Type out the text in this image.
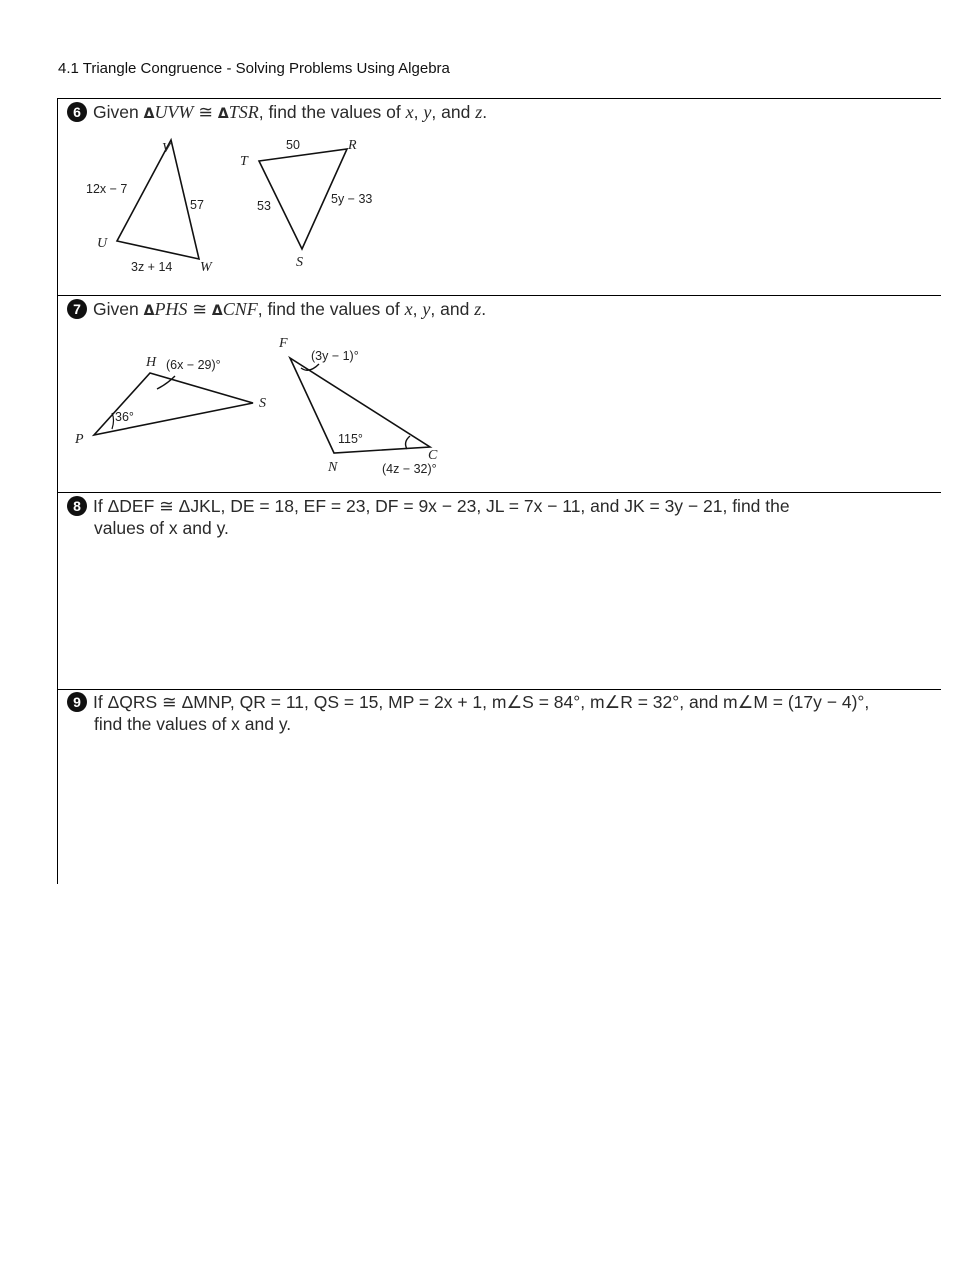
4.1 Triangle Congruence - Solving Problems Using Algebra
6 Given ΔUVW ≅ ΔTSR, find the values of x, y, and z.
V
U
W
T
R
S
12x − 7
57
3z + 14
50
53	5y − 33
7 Given ΔPHS ≅ ΔCNF, find the values of x, y, and z.
H
S
P
F
N
C
(6x − 29)°
36°
(3y − 1)°
115°
(4z − 32)°
8 If ΔDEF ≅ ΔJKL, DE = 18, EF = 23, DF = 9x − 23, JL = 7x − 11, and JK = 3y − 21, find the
values of x and y.
9 If ΔQRS ≅ ΔMNP, QR = 11, QS = 15, MP = 2x + 1, m∠S = 84°, m∠R = 32°, and m∠M = (17y − 4)°,
find the values of x and y.
